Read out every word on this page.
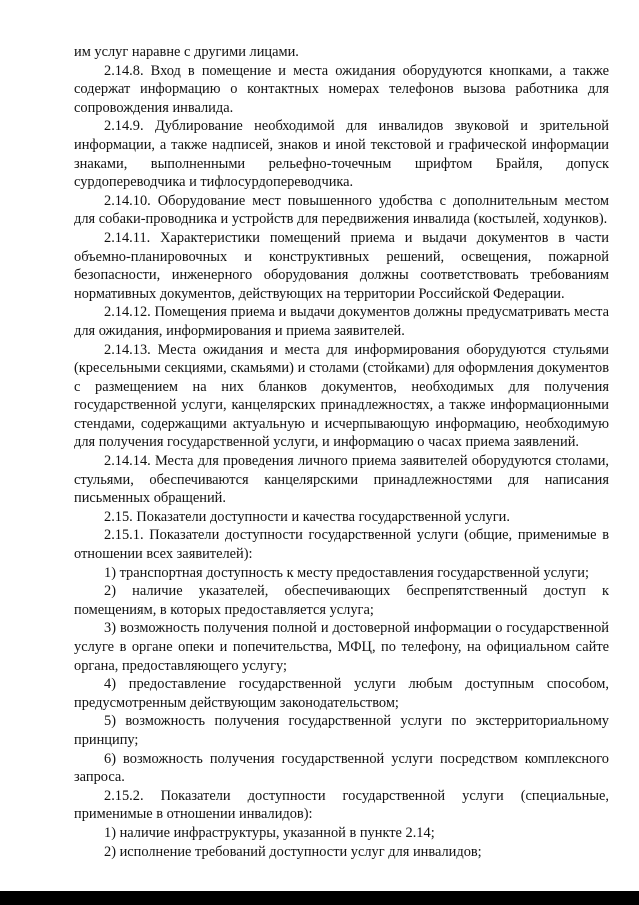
им услуг наравне с другими лицами.

2.14.8. Вход в помещение и места ожидания оборудуются кнопками, а также содержат информацию о контактных номерах телефонов вызова работника для сопровождения инвалида.

2.14.9. Дублирование необходимой для инвалидов звуковой и зрительной информации, а также надписей, знаков и иной текстовой и графической информации знаками, выполненными рельефно-точечным шрифтом Брайля, допуск сурдопереводчика и тифлосурдопереводчика.

2.14.10. Оборудование мест повышенного удобства с дополнительным местом для собаки-проводника и устройств для передвижения инвалида (костылей, ходунков).

2.14.11. Характеристики помещений приема и выдачи документов в части объемно-планировочных и конструктивных решений, освещения, пожарной безопасности, инженерного оборудования должны соответствовать требованиям нормативных документов, действующих на территории Российской Федерации.

2.14.12. Помещения приема и выдачи документов должны предусматривать места для ожидания, информирования и приема заявителей.

2.14.13. Места ожидания и места для информирования оборудуются стульями (кресельными секциями, скамьями) и столами (стойками) для оформления документов с размещением на них бланков документов, необходимых для получения государственной услуги, канцелярских принадлежностях, а также информационными стендами, содержащими актуальную и исчерпывающую информацию, необходимую для получения государственной услуги, и информацию о часах приема заявлений.

2.14.14. Места для проведения личного приема заявителей оборудуются столами, стульями, обеспечиваются канцелярскими принадлежностями для написания письменных обращений.

2.15. Показатели доступности и качества государственной услуги.

2.15.1. Показатели доступности государственной услуги (общие, применимые в отношении всех заявителей):

1) транспортная доступность к месту предоставления государственной услуги;

2) наличие указателей, обеспечивающих беспрепятственный доступ к помещениям, в которых предоставляется услуга;

3) возможность получения полной и достоверной информации о государственной услуге в органе опеки и попечительства, МФЦ, по телефону, на официальном сайте органа, предоставляющего услугу;

4) предоставление государственной услуги любым доступным способом, предусмотренным действующим законодательством;

5) возможность получения государственной услуги по экстерриториальному принципу;

6) возможность получения государственной услуги посредством комплексного запроса.

2.15.2. Показатели доступности государственной услуги (специальные, применимые в отношении инвалидов):

1) наличие инфраструктуры, указанной в пункте 2.14;

2) исполнение требований доступности услуг для инвалидов;
